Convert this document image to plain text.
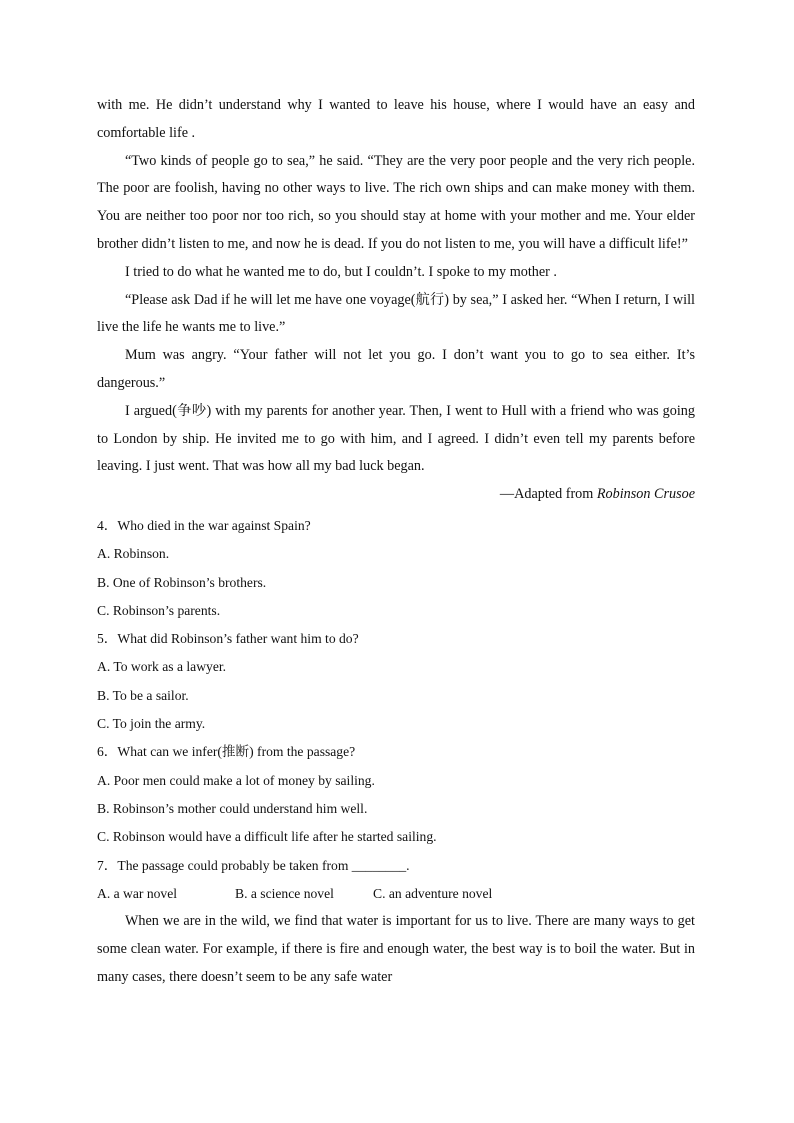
with me. He didn’t understand why I wanted to leave his house, where I would have an easy and comfortable life .

“Two kinds of people go to sea,” he said. “They are the very poor people and the very rich people. The poor are foolish, having no other ways to live. The rich own ships and can make money with them. You are neither too poor nor too rich, so you should stay at home with your mother and me. Your elder brother didn’t listen to me, and now he is dead. If you do not listen to me, you will have a difficult life!”

I tried to do what he wanted me to do, but I couldn’t. I spoke to my mother .

“Please ask Dad if he will let me have one voyage(航行) by sea,” I asked her. “When I return, I will live the life he wants me to live.”

Mum was angry. “Your father will not let you go. I don’t want you to go to sea either. It’s dangerous.”

I argued(争吵) with my parents for another year. Then, I went to Hull with a friend who was going to London by ship. He invited me to go with him, and I agreed. I didn’t even tell my parents before leaving. I just went. That was how all my bad luck began.

—Adapted from Robinson Crusoe

4．Who died in the war against Spain?

A. Robinson.

B. One of Robinson’s brothers.

C. Robinson’s parents.

5．What did Robinson’s father want him to do?

A. To work as a lawyer.

B. To be a sailor.

C. To join the army.

6．What can we infer(推断) from the passage?

A. Poor men could make a lot of money by sailing.

B. Robinson’s mother could understand him well.

C. Robinson would have a difficult life after he started sailing.

7．The passage could probably be taken from ________.

A. a war novel	B. a science novel	C. an adventure novel

When we are in the wild, we find that water is important for us to live. There are many ways to get some clean water. For example, if there is fire and enough water, the best way is to boil the water. But in many cases, there doesn’t seem to be any safe water
